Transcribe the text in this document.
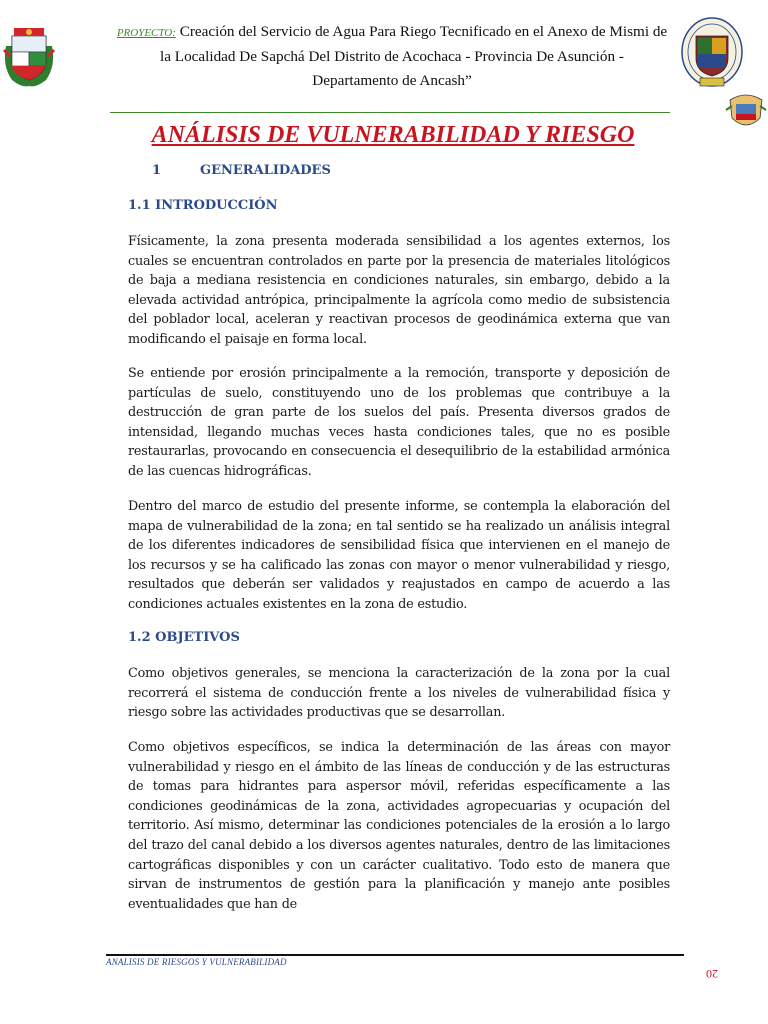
PROYECTO: Creación del Servicio de Agua Para Riego Tecnificado en el Anexo de Mismi de
la Localidad De Sapchá Del Distrito de Acochaca - Provincia De Asunción -
Departamento de Ancash”
ANÁLISIS DE VULNERABILIDAD Y RIESGO
1	GENERALIDADES
1.1 INTRODUCCIÓN

Físicamente, la zona presenta moderada sensibilidad a los agentes externos, los cuales se encuentran controlados en parte por la presencia de materiales litológicos de baja a mediana resistencia en condiciones naturales, sin embargo, debido a la elevada actividad antrópica, principalmente la agrícola como medio de subsistencia del poblador local, aceleran y reactivan procesos de geodinámica externa que van modificando el paisaje en forma local.

Se entiende por erosión principalmente a la remoción, transporte y deposición de partículas de suelo, constituyendo uno de los problemas que contribuye a la destrucción de gran parte de los suelos del país. Presenta diversos grados de intensidad, llegando muchas veces hasta condiciones tales, que no es posible restaurarlas, provocando en consecuencia el desequilibrio de la estabilidad armónica de las cuencas hidrográficas.

Dentro del marco de estudio del presente informe, se contempla la elaboración del mapa de vulnerabilidad de la zona; en tal sentido se ha realizado un análisis integral de los diferentes indicadores de sensibilidad física que intervienen en el manejo de los recursos y se ha calificado las zonas con mayor o menor vulnerabilidad y riesgo, resultados que deberán ser validados y reajustados en campo de acuerdo a las condiciones actuales existentes en la zona de estudio.

1.2 OBJETIVOS

Como objetivos generales, se menciona la caracterización de la zona por la cual recorrerá el sistema de conducción frente a los niveles de vulnerabilidad física y riesgo sobre las actividades productivas que se desarrollan.

Como objetivos específicos, se indica la determinación de las áreas con mayor vulnerabilidad y riesgo en el ámbito de las líneas de conducción y de las estructuras de tomas para hidrantes para aspersor móvil, referidas específicamente a las condiciones geodinámicas de la zona, actividades agropecuarias y ocupación del territorio. Así mismo, determinar las condiciones potenciales de la erosión a lo largo del trazo del canal debido a los diversos agentes naturales, dentro de las limitaciones cartográficas disponibles y con un carácter cualitativo. Todo esto de manera que sirvan de instrumentos de gestión para la planificación y manejo ante posibles eventualidades que han de

ANALISIS DE RIESGOS Y VULNERABILIDAD
20
